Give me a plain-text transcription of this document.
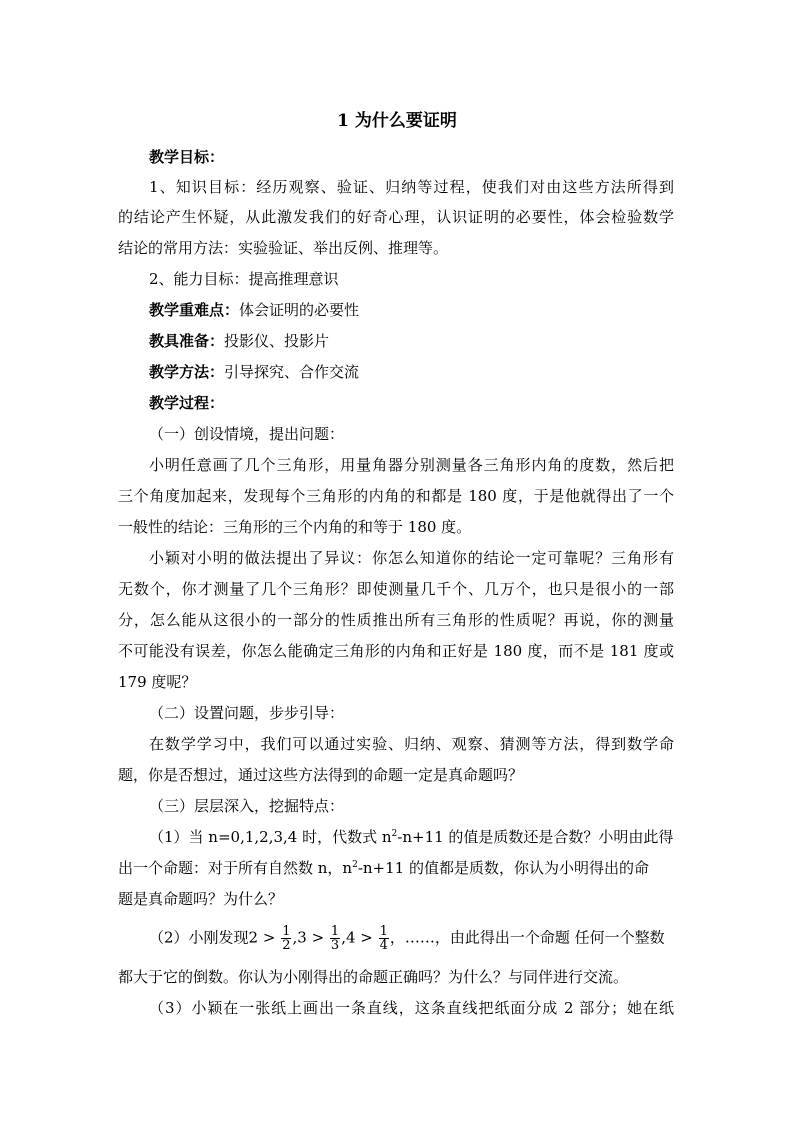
1 为什么要证明
教学目标：
1、知识目标：经历观察、验证、归纳等过程，使我们对由这些方法所得到
的结论产生怀疑，从此激发我们的好奇心理，认识证明的必要性，体会检验数学
结论的常用方法：实验验证、举出反例、推理等。
2、能力目标：提高推理意识
教学重难点：体会证明的必要性
教具准备：投影仪、投影片
教学方法：引导探究、合作交流
教学过程：
（一）创设情境，提出问题：
小明任意画了几个三角形，用量角器分别测量各三角形内角的度数，然后把
三个角度加起来，发现每个三角形的内角的和都是 180 度，于是他就得出了一个
一般性的结论：三角形的三个内角的和等于 180 度。
小颖对小明的做法提出了异议：你怎么知道你的结论一定可靠呢？三角形有
无数个，你才测量了几个三角形？即使测量几千个、几万个，也只是很小的一部
分，怎么能从这很小的一部分的性质推出所有三角形的性质呢？再说，你的测量
不可能没有误差，你怎么能确定三角形的内角和正好是 180 度，而不是 181 度或
179 度呢？
（二）设置问题，步步引导：
在数学学习中，我们可以通过实验、归纳、观察、猜测等方法，得到数学命
题，你是否想过，通过这些方法得到的命题一定是真命题吗？
（三）层层深入，挖掘特点：
（1）当 n=0,1,2,3,4 时，代数式 $n^2-n+11$ 的值是质数还是合数？小明由此得
出一个命题：对于所有自然数 n，$n^2-n+11$ 的值都是质数，你认为小明得出的命
题是真命题吗？为什么？
（2）小刚发现$2 > \frac{1}{2} ,3 > \frac{1}{3} ,4 > \frac{1}{4}$ ，……，由此得出一个命题 任何一个整数
都大于它的倒数。你认为小刚得出的命题正确吗？为什么？与同伴进行交流。
（3）小颖在一张纸上画出一条直线，这条直线把纸面分成 2 部分；她在纸
